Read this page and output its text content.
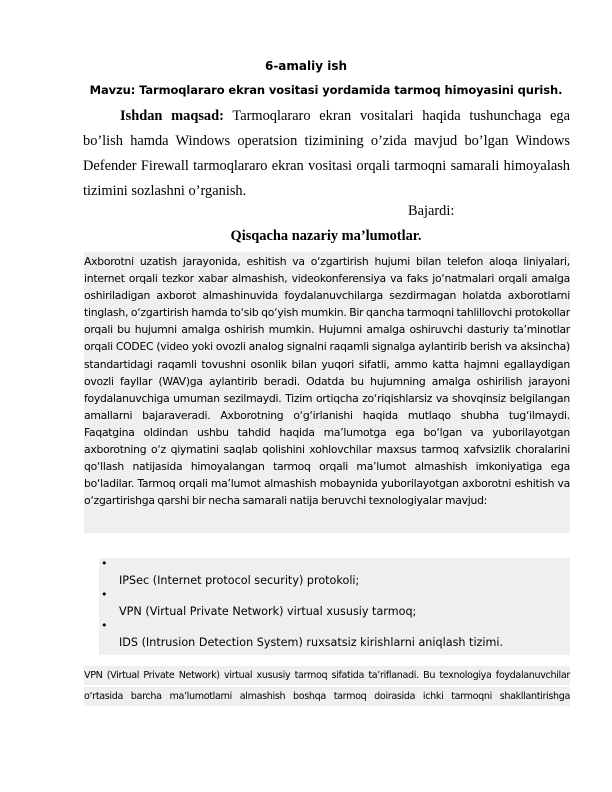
6-amaliy ish
Mavzu: Tarmoqlararo ekran vositasi yordamida tarmoq himoyasini qurish.
Ishdan maqsad: Tarmoqlararo ekran vositalari haqida tushunchaga ega bo’lish hamda Windows operatsion tizimining o’zida mavjud bo’lgan Windows Defender Firewall tarmoqlararo ekran vositasi orqali tarmoqni samarali himoyalash tizimini sozlashni o’rganish.
Bajardi:
Qisqacha nazariy ma’lumotlar.

Axborotni uzatish jarayonida, eshitish va o‘zgartirish hujumi bilan telefon aloqa liniyalari, internet orqali tezkor xabar almashish, videokonferensiya va faks jo‘natmalari orqali amalga oshiriladigan axborot almashinuvida foydalanuvchilarga sezdirmagan holatda axborotlarni tinglash, o‘zgartirish hamda to‘sib qo‘yish mumkin. Bir qancha tarmoqni tahlillovchi protokollar orqali bu hujumni amalga oshirish mumkin. Hujumni amalga oshiruvchi dasturiy ta’minotlar orqali CODEC (video yoki ovozli analog signalni raqamli signalga aylantirib berish va aksincha) standartidagi raqamli tovushni osonlik bilan yuqori sifatli, ammo katta hajmni egallaydigan ovozli fayllar (WAV)ga aylantirib beradi. Odatda bu hujumning amalga oshirilish jarayoni foydalanuvchiga umuman sezilmaydi. Tizim ortiqcha zo‘riqishlarsiz va shovqinsiz belgilangan amallarni bajaraveradi. Axborotning o‘g‘irlanishi haqida mutlaqo shubha tug‘ilmaydi. Faqatgina oldindan ushbu tahdid haqida ma’lumotga ega bo‘lgan va yuborilayotgan axborotning o‘z qiymatini saqlab qolishini xohlovchilar maxsus tarmoq xafvsizlik choralarini qo‘llash natijasida himoyalangan tarmoq orqali ma’lumot almashish imkoniyatiga ega bo‘ladilar. Tarmoq orqali ma’lumot almashish mobaynida yuborilayotgan axborotni eshitish va o‘zgartirishga qarshi bir necha samarali natija beruvchi texnologiyalar mavjud:

•
IPSec (Internet protocol security) protokoli;
•
VPN (Virtual Private Network) virtual xususiy tarmoq;
•
IDS (Intrusion Detection System) ruxsatsiz kirishlarni aniqlash tizimi.
VPN (Virtual Private Network) virtual xususiy tarmoq sifatida ta’riflanadi. Bu texnologiya foydalanuvchilar
o‘rtasida barcha ma’lumotlarni almashish boshqa tarmoq doirasida ichki tarmoqni shakllantirishga
